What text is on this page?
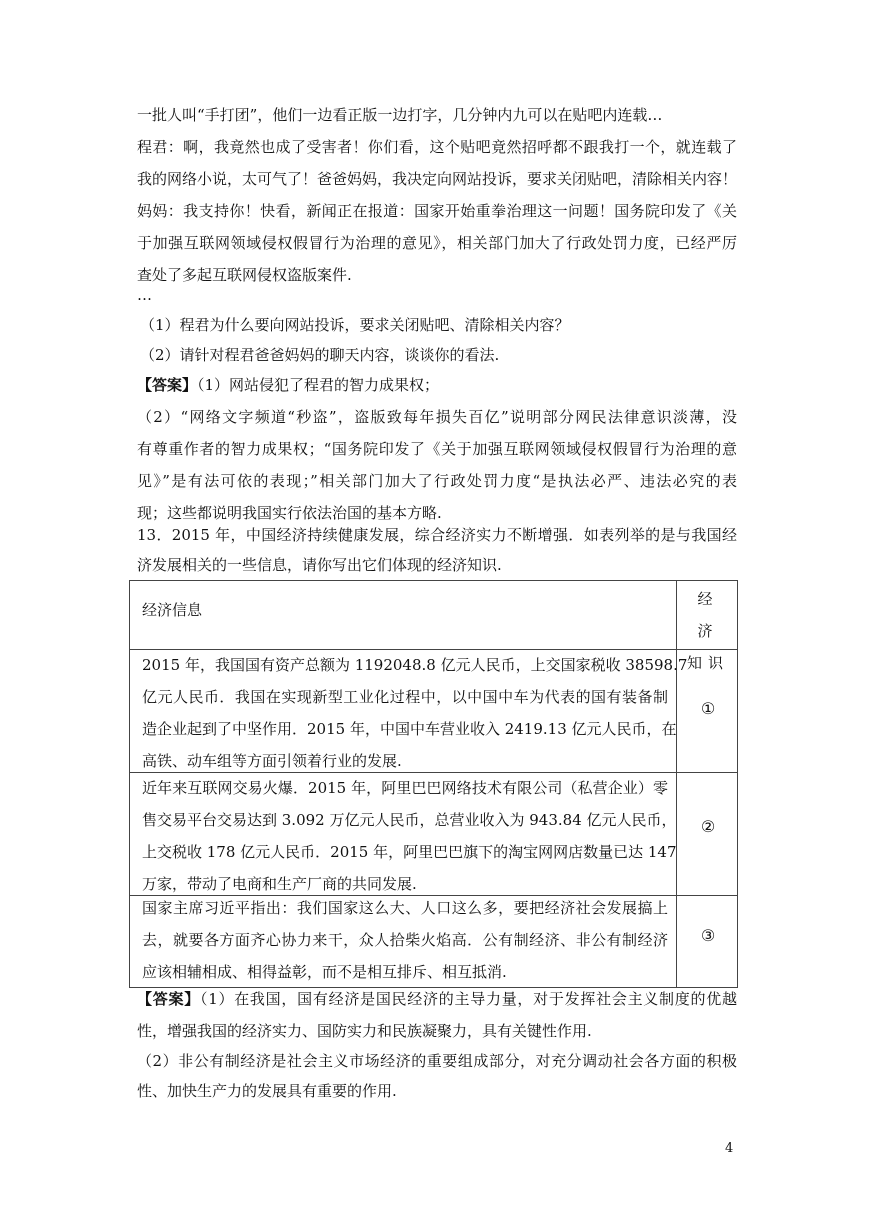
一批人叫“手打团”，他们一边看正版一边打字，几分钟内九可以在贴吧内连载…
程君：啊，我竟然也成了受害者！你们看，这个贴吧竟然招呼都不跟我打一个，就连载了
我的网络小说，太可气了！爸爸妈妈，我决定向网站投诉，要求关闭贴吧，清除相关内容！
妈妈：我支持你！快看，新闻正在报道：国家开始重拳治理这一问题！国务院印发了《关
于加强互联网领域侵权假冒行为治理的意见》，相关部门加大了行政处罚力度，已经严厉
查处了多起互联网侵权盗版案件.
…
（1）程君为什么要向网站投诉，要求关闭贴吧、清除相关内容？
（2）请针对程君爸爸妈妈的聊天内容，谈谈你的看法.
【答案】（1）网站侵犯了程君的智力成果权；
（2）“网络文字频道“秒盗”，盗版致每年损失百亿”说明部分网民法律意识淡薄，没
有尊重作者的智力成果权；“国务院印发了《关于加强互联网领域侵权假冒行为治理的意
见》”是有法可依的表现；”相关部门加大了行政处罚力度“是执法必严、违法必究的表
现；这些都说明我国实行依法治国的基本方略.
13．2015 年，中国经济持续健康发展，综合经济实力不断增强．如表列举的是与我国经
济发展相关的一些信息，请你写出它们体现的经济知识.
经济信息
经 济
知识
2015 年，我国国有资产总额为 1192048.8 亿元人民币，上交国家税收 38598.7
亿元人民币．我国在实现新型工业化过程中，以中国中车为代表的国有装备制
造企业起到了中坚作用．2015 年，中国中车营业收入 2419.13 亿元人民币，在
高铁、动车组等方面引领着行业的发展.
①
近年来互联网交易火爆．2015 年，阿里巴巴网络技术有限公司（私营企业）零
售交易平台交易达到 3.092 万亿元人民币，总营业收入为 943.84 亿元人民币，
上交税收 178 亿元人民币．2015 年，阿里巴巴旗下的淘宝网网店数量已达 147
万家，带动了电商和生产厂商的共同发展.
②
国家主席习近平指出：我们国家这么大、人口这么多，要把经济社会发展搞上
去，就要各方面齐心协力来干，众人拾柴火焰高．公有制经济、非公有制经济
应该相辅相成、相得益彰，而不是相互排斥、相互抵消.
③
【答案】（1）在我国，国有经济是国民经济的主导力量，对于发挥社会主义制度的优越
性，增强我国的经济实力、国防实力和民族凝聚力，具有关键性作用.
（2）非公有制经济是社会主义市场经济的重要组成部分，对充分调动社会各方面的积极
性、加快生产力的发展具有重要的作用.
4
